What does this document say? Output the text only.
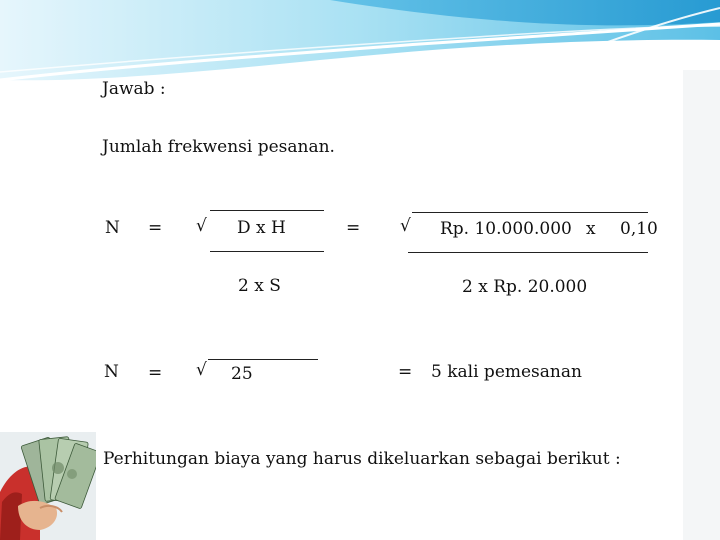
Jawab :
Jumlah frekwensi pesanan.
N = √ D x H
2 x S
= √ Rp. 10.000.000 x 0,10
2 x Rp. 20.000
N = √ 25	= 5 kali pemesanan
Perhitungan biaya yang harus dikeluarkan sebagai berikut :
